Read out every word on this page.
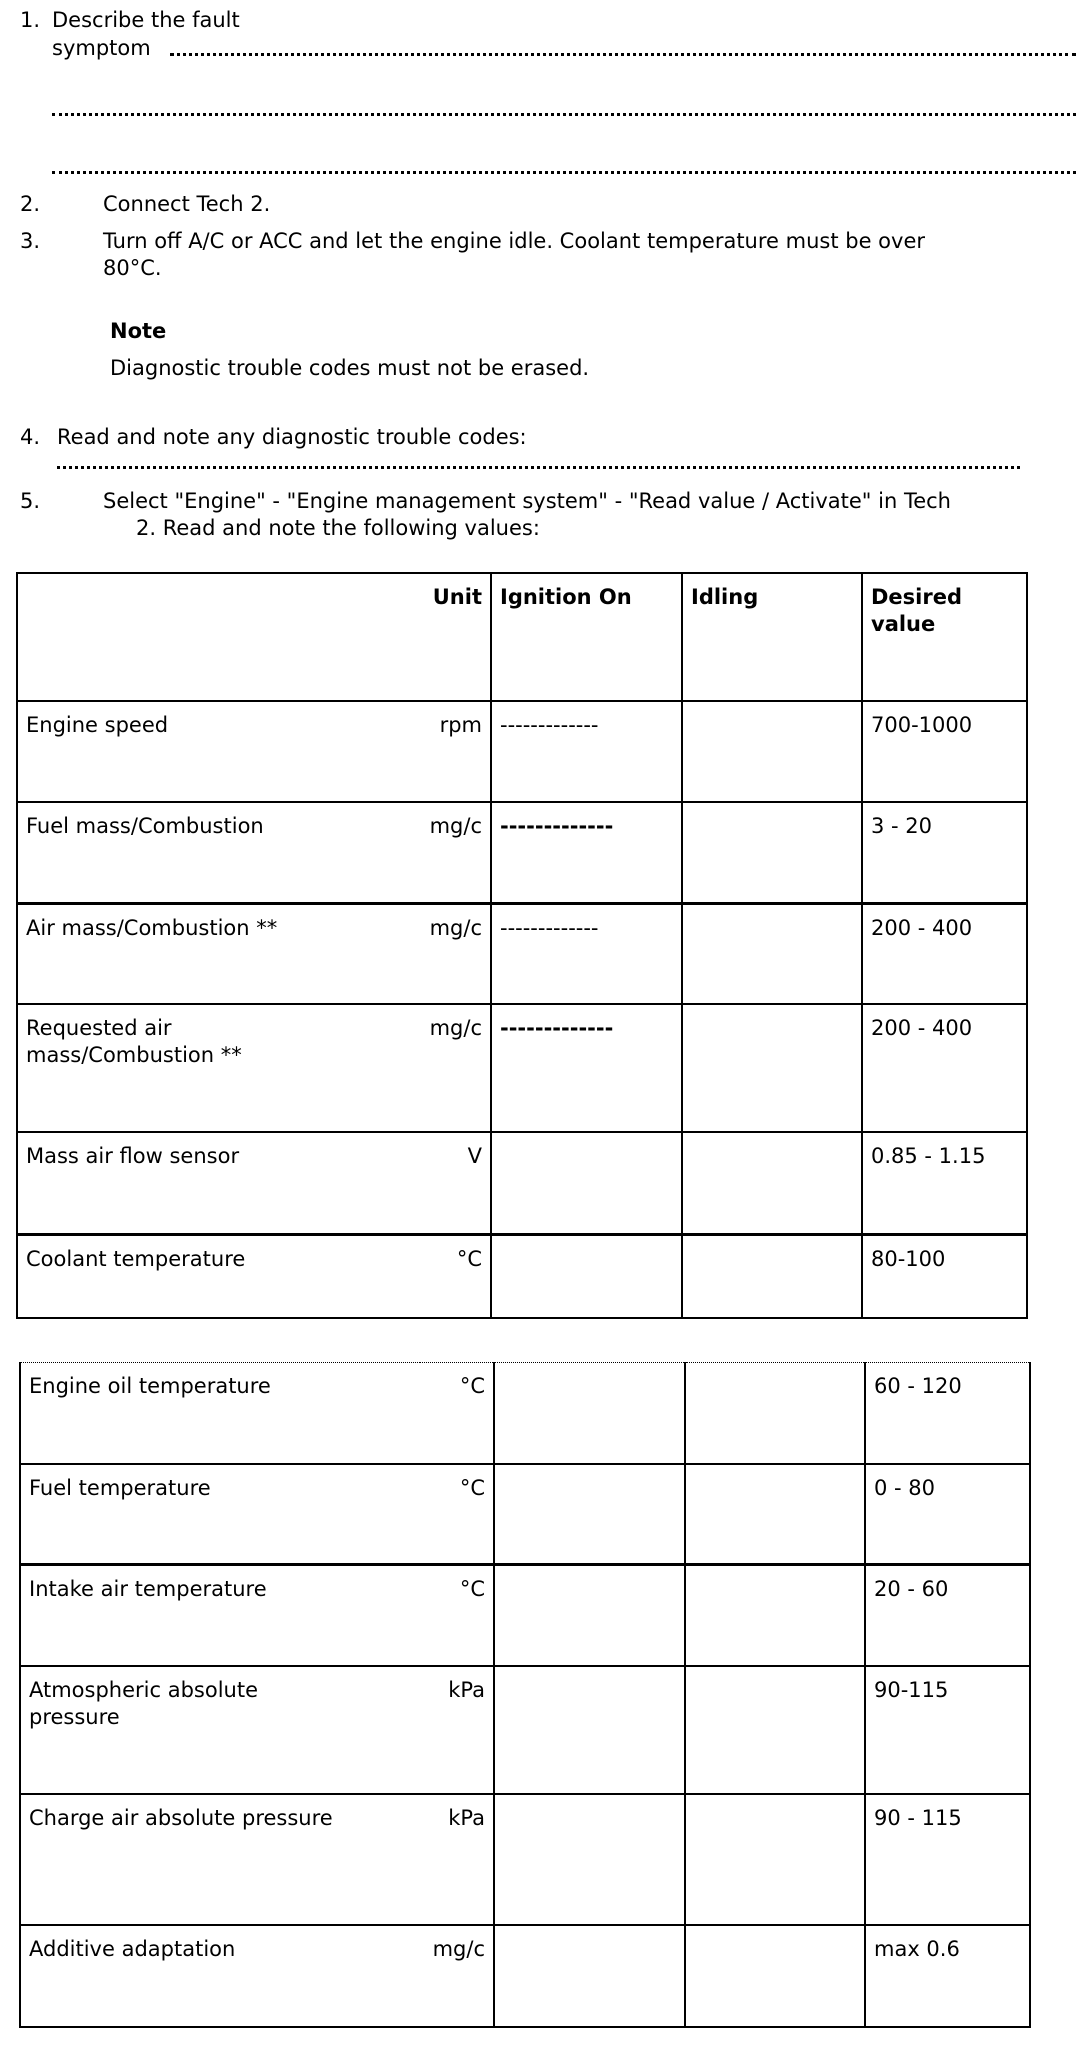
1. Describe the fault
symptom
2.	Connect Tech 2.
3.	Turn off A/C or ACC and let the engine idle. Coolant temperature must be over
80°C.
Note
Diagnostic trouble codes must not be erased.
4. Read and note any diagnostic trouble codes:
5.	Select "Engine" - "Engine management system" - "Read value / Activate" in Tech
2. Read and note the following values:
	Unit	Ignition On	Idling	Desired
value
Engine speed	rpm	-------------		700-1000
Fuel mass/Combustion	mg/c	-------------		3 - 20
Air mass/Combustion **	mg/c	-------------		200 - 400
Requested air
mass/Combustion **	mg/c	-------------		200 - 400
Mass air flow sensor	V			0.85 - 1.15
Coolant temperature	°C			80-100
Engine oil temperature	°C			60 - 120
Fuel temperature	°C			0 - 80
Intake air temperature	°C			20 - 60
Atmospheric absolute
pressure	kPa			90-115
Charge air absolute pressure	kPa			90 - 115
Additive adaptation	mg/c			max 0.6
